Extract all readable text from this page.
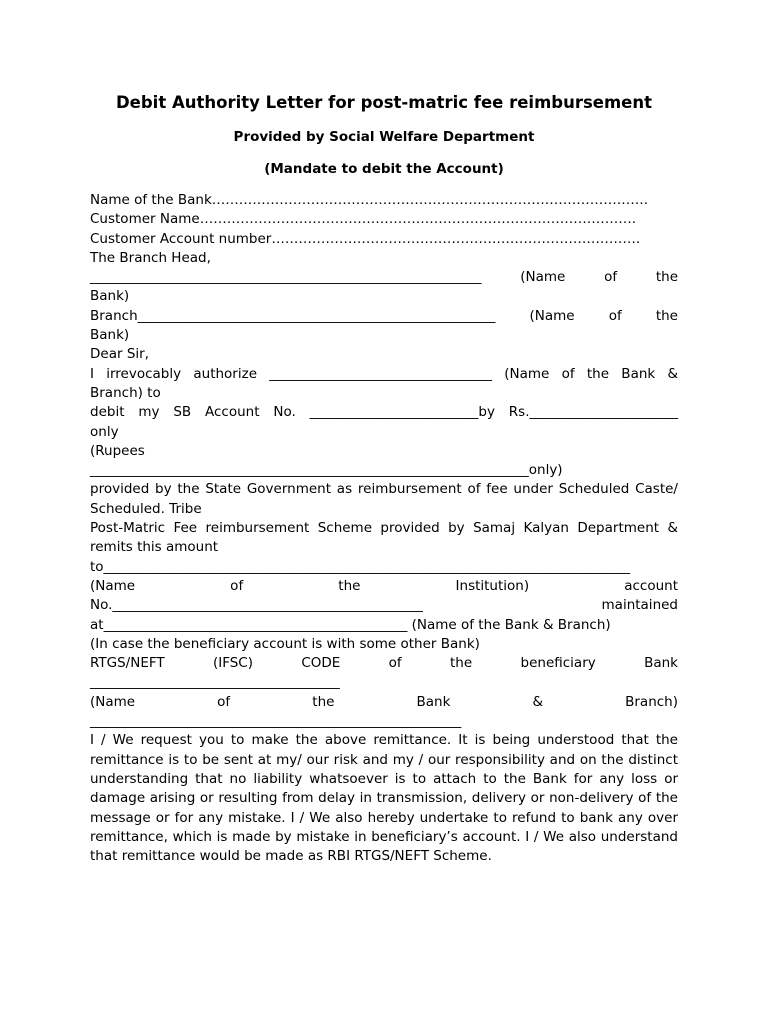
Debit Authority Letter for post-matric fee reimbursement
Provided by Social Welfare Department
(Mandate to debit the Account)
Name of the Bank…………………………………………………………………………………….
Customer Name…………………………………………………………………………………….
Customer Account number……………………………………………………………………….
The Branch Head,
__________________________________________________________ (Name of the
Bank)
Branch_____________________________________________________ (Name of the
Bank)
Dear Sir,
I irrevocably authorize _________________________________ (Name of the Bank &
Branch) to
debit my SB Account No. _________________________by Rs.______________________
only
(Rupees
_________________________________________________________________only)
provided by the State Government as reimbursement of fee under Scheduled Caste/
Scheduled. Tribe
Post-Matric Fee reimbursement Scheme provided by Samaj Kalyan Department &
remits this amount
to______________________________________________________________________________
(Name of the Institution) account
No.______________________________________________ maintained
at_____________________________________________ (Name of the Bank & Branch)
(In case the beneficiary account is with some other Bank)
RTGS/NEFT (IFSC) CODE of the beneficiary Bank
_____________________________________
(Name of the Bank & Branch)
_______________________________________________________
I / We request you to make the above remittance. It is being understood that the remittance is to be sent at my/ our risk and my / our responsibility and on the distinct understanding that no liability whatsoever is to attach to the Bank for any loss or damage arising or resulting from delay in transmission, delivery or non-delivery of the message or for any mistake. I / We also hereby undertake to refund to bank any over remittance, which is made by mistake in beneficiary’s account. I / We also understand that remittance would be made as RBI RTGS/NEFT Scheme.
